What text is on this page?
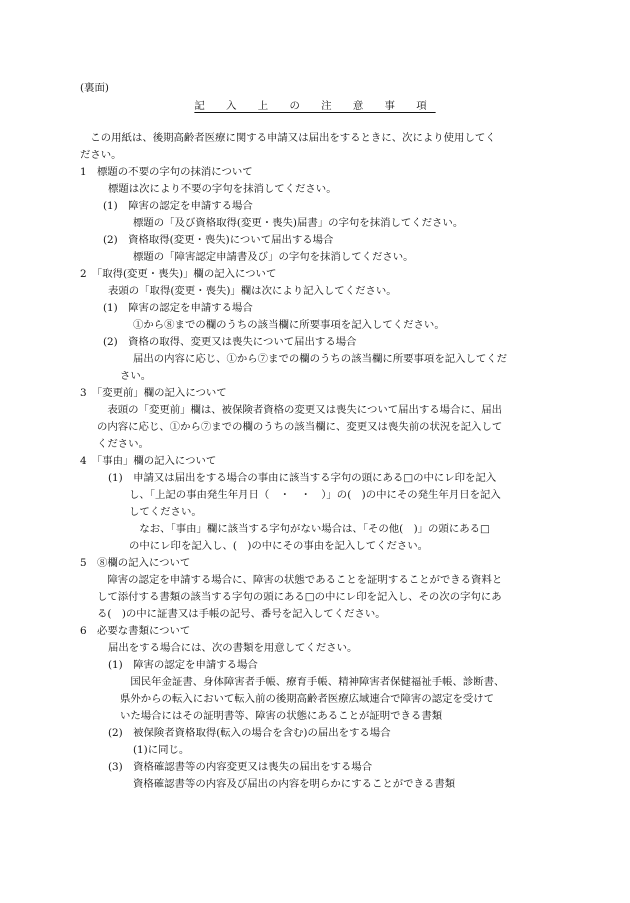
(裏面)
記 入 上 の 注 意 事 項
　この用紙は、後期高齢者医療に関する申請又は届出をするときに、次により使用してく
ださい。
1　標題の不要の字句の抹消について
標題は次により不要の字句を抹消してください。
(1)　障害の認定を申請する場合
標題の「及び資格取得(変更・喪失)届書」の字句を抹消してください。
(2)　資格取得(変更・喪失)について届出する場合
標題の「障害認定申請書及び」の字句を抹消してください。
2　「取得(変更・喪失)」欄の記入について
表頭の「取得(変更・喪失)」欄は次により記入してください。
(1)　障害の認定を申請する場合
①から⑧までの欄のうちの該当欄に所要事項を記入してください。
(2)　資格の取得、変更又は喪失について届出する場合
届出の内容に応じ、①から⑦までの欄のうちの該当欄に所要事項を記入してくだ
さい。
3　「変更前」欄の記入について
　表頭の「変更前」欄は、被保険者資格の変更又は喪失について届出する場合に、届出
の内容に応じ、①から⑦までの欄のうちの該当欄に、変更又は喪失前の状況を記入して
ください。
4　「事由」欄の記入について
(1)　申請又は届出をする場合の事由に該当する字句の頭にある□の中にレ印を記入
し、「上記の事由発生年月日（　・　・　）」の(　)の中にその発生年月日を記入
してください。
　なお、「事由」欄に該当する字句がない場合は、「その他(　)」の頭にある□
の中にレ印を記入し、(　)の中にその事由を記入してください。
5　⑧欄の記入について
　障害の認定を申請する場合に、障害の状態であることを証明することができる資料と
して添付する書類の該当する字句の頭にある□の中にレ印を記入し、その次の字句にあ
る(　)の中に証書又は手帳の記号、番号を記入してください。
6　必要な書類について
届出をする場合には、次の書類を用意してください。
(1)　障害の認定を申請する場合
　国民年金証書、身体障害者手帳、療育手帳、精神障害者保健福祉手帳、診断書、
県外からの転入において転入前の後期高齢者医療広域連合で障害の認定を受けて
いた場合にはその証明書等、障害の状態にあることが証明できる書類
(2)　被保険者資格取得(転入の場合を含む)の届出をする場合
(1)に同じ。
(3)　資格確認書等の内容変更又は喪失の届出をする場合
資格確認書等の内容及び届出の内容を明らかにすることができる書類
